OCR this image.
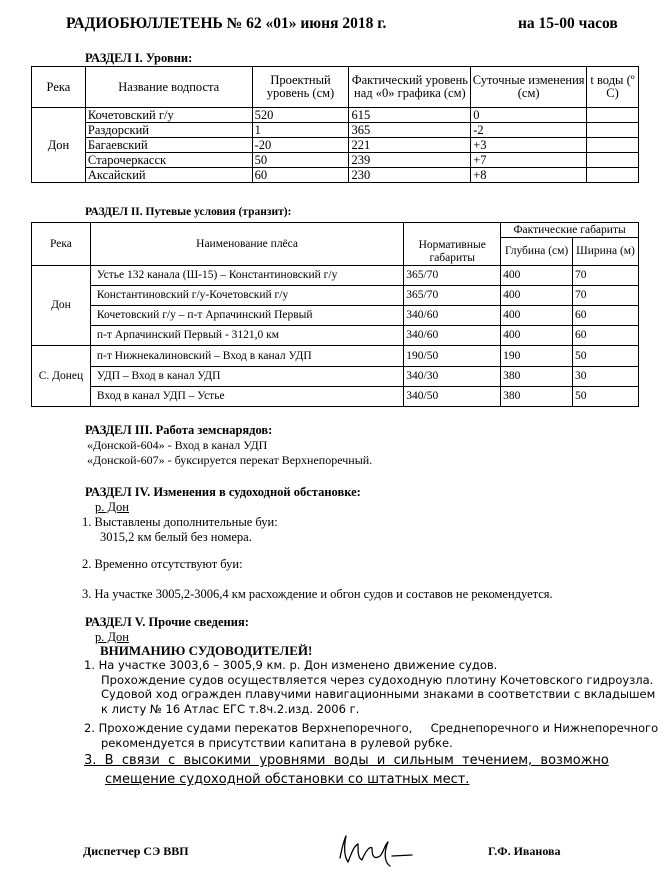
РАДИОБЮЛЛЕТЕНЬ № 62 «01» июня 2018 г.	на 15-00 часов
РАЗДЕЛ I. Уровни:
Река	Название водпоста	Проектный уровень (см)	Фактический уровень над «0» графика (см)	Суточные изменения (см)	t воды (º С)
Дон	Кочетовский г/у	520	615	0	
	Раздорский	1	365	-2	
	Багаевский	-20	221	+3	
	Старочеркасск	50	239	+7	
	Аксайский	60	230	+8	
РАЗДЕЛ II. Путевые условия (транзит):
Река	Наименование плёса	Нормативные габариты	Фактические габариты	
			Глубина (см)	Ширина (м)
Дон	Устье 132 канала (Ш-15) – Константиновский г/у	365/70	400	70
	Константиновский г/у-Кочетовский г/у	365/70	400	70
	Кочетовский г/у – п-т Арпачинский Первый	340/60	400	60
	п-т Арпачинский Первый - 3121,0 км	340/60	400	60
С. Донец	п-т Нижнекалиновский – Вход в канал УДП	190/50	190	50
	УДП – Вход в канал УДП	340/30	380	30
	Вход в канал УДП – Устье	340/50	380	50
РАЗДЕЛ III. Работа земснарядов:
«Донской-604» - Вход в канал УДП
«Донской-607» - буксируется перекат Верхнепоречный.
РАЗДЕЛ IV. Изменения в судоходной обстановке:
р. Дон
1. Выставлены дополнительные буи:
3015,2 км белый без номера.
2. Временно отсутствуют буи:
3. На участке 3005,2-3006,4 км расхождение и обгон судов и составов не рекомендуется.
РАЗДЕЛ V. Прочие сведения:
р. Дон
ВНИМАНИЮ СУДОВОДИТЕЛЕЙ!
1. На участке 3003,6 – 3005,9 км. р. Дон изменено движение судов.
Прохождение судов осуществляется через судоходную плотину Кочетовского гидроузла.
Судовой ход огражден плавучими навигационными знаками в соответствии с вкладышем
к листу № 16 Атлас ЕГС т.8ч.2.изд. 2006 г.
2. Прохождение судами перекатов Верхнепоречного,     Среднепоречного и Нижнепоречного
рекомендуется в присутствии капитана в рулевой рубке.
3.  В  связи  с  высокими  уровнями  воды  и  сильным  течением,  возможно
смещение судоходной обстановки со штатных мест.
Диспетчер СЭ ВВП	Г.Ф. Иванова
